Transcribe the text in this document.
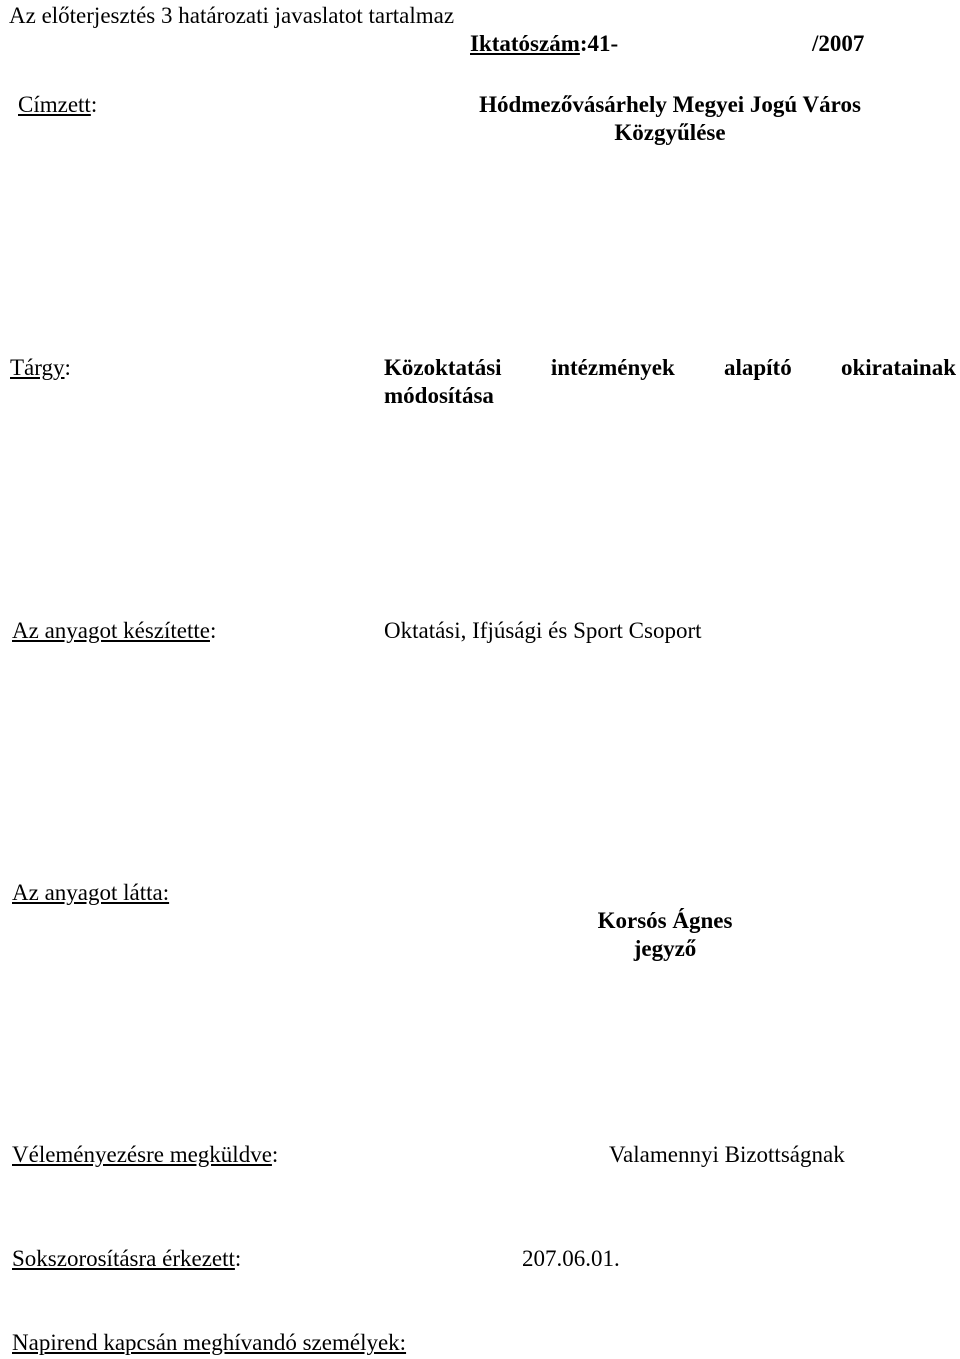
Az előterjesztés 3 határozati javaslatot tartalmaz
Iktatószám:41-	/2007
Címzett:	Hódmezővásárhely Megyei Jogú Város
Közgyűlése
Tárgy:	Közoktatási intézmények alapító okiratainak
módosítása
Az anyagot készítette:	Oktatási, Ifjúsági és Sport Csoport
Az anyagot látta:
Korsós Ágnes
jegyző
Véleményezésre megküldve:	Valamennyi Bizottságnak
Sokszorosításra érkezett:	207.06.01.
Napirend kapcsán meghívandó személyek:
